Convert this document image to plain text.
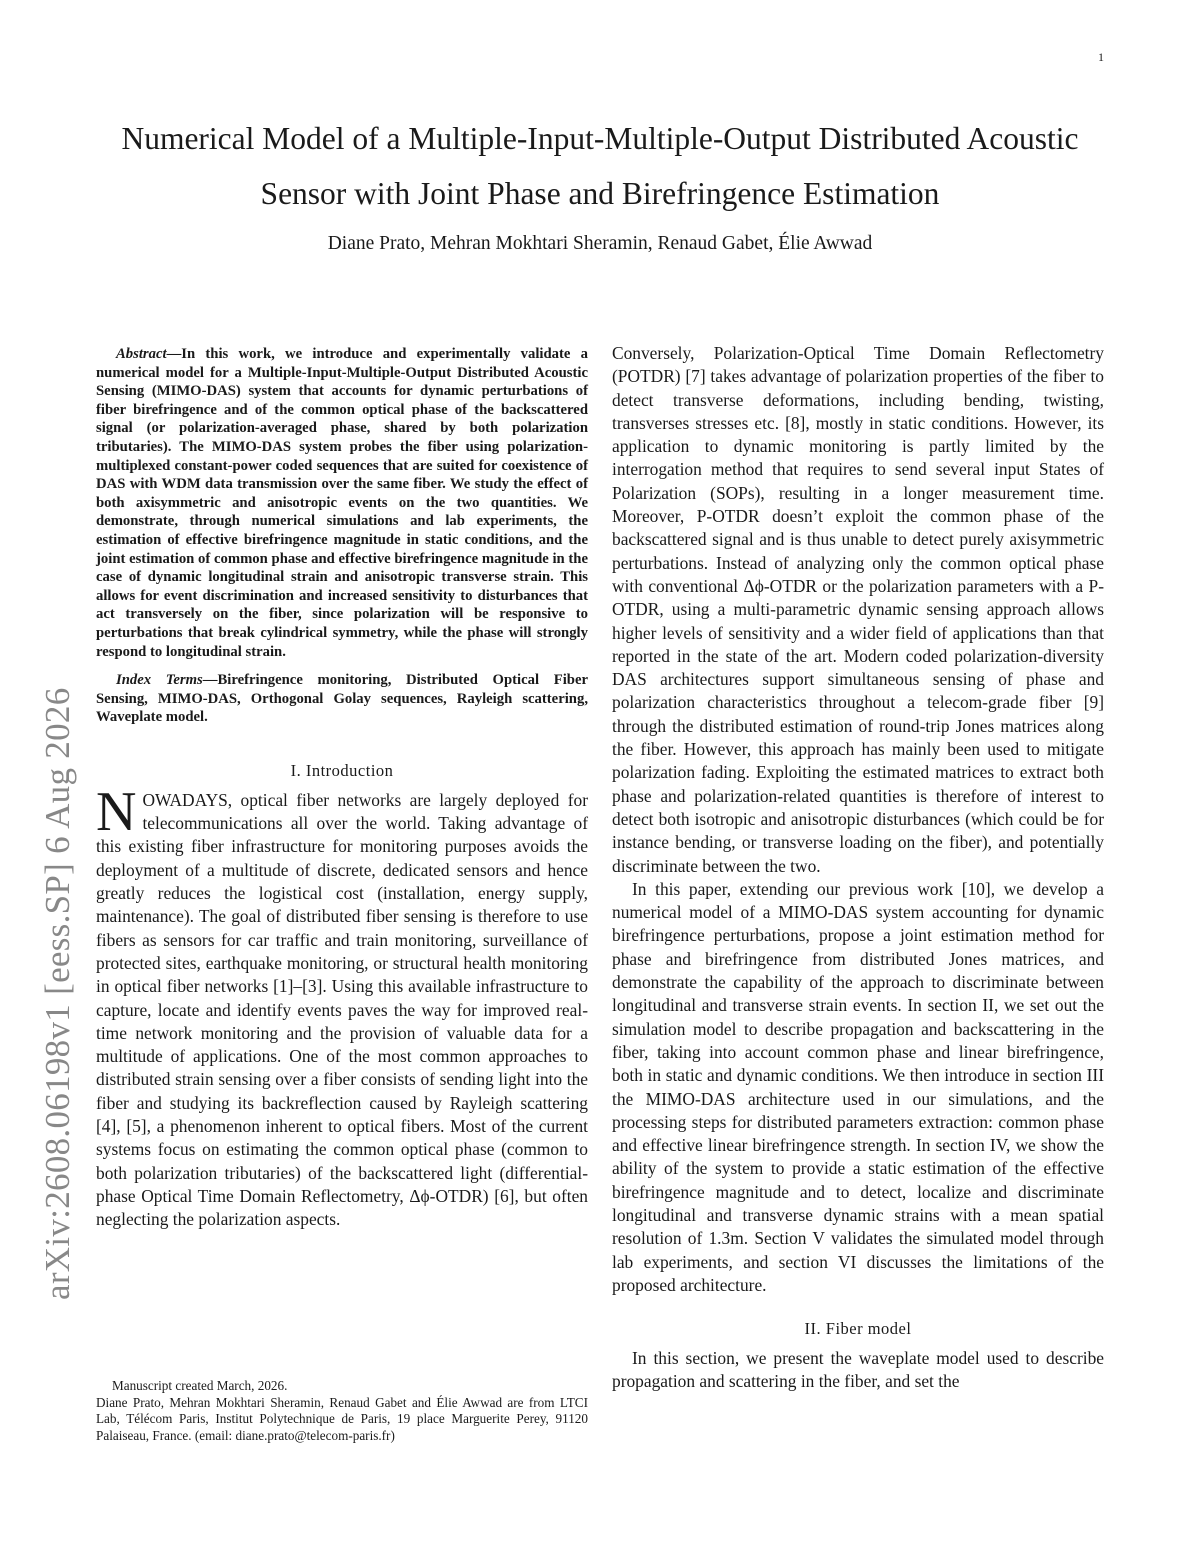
1
arXiv:2608.06198v1 [eess.SP] 6 Aug 2026
Numerical Model of a Multiple-Input-Multiple-Output Distributed Acoustic Sensor with Joint Phase and Birefringence Estimation
Diane Prato, Mehran Mokhtari Sheramin, Renaud Gabet, Élie Awwad

Abstract—In this work, we introduce and experimentally validate a numerical model for a Multiple-Input-Multiple-Output Distributed Acoustic Sensing (MIMO-DAS) system that accounts for dynamic perturbations of fiber birefringence and of the common optical phase of the backscattered signal (or polarization-averaged phase, shared by both polarization tributaries). The MIMO-DAS system probes the fiber using polarization-multiplexed constant-power coded sequences that are suited for coexistence of DAS with WDM data transmission over the same fiber. We study the effect of both axisymmetric and anisotropic events on the two quantities. We demonstrate, through numerical simulations and lab experiments, the estimation of effective birefringence magnitude in static conditions, and the joint estimation of common phase and effective birefringence magnitude in the case of dynamic longitudinal strain and anisotropic transverse strain. This allows for event discrimination and increased sensitivity to disturbances that act transversely on the fiber, since polarization will be responsive to perturbations that break cylindrical symmetry, while the phase will strongly respond to longitudinal strain.

Index Terms—Birefringence monitoring, Distributed Optical Fiber Sensing, MIMO-DAS, Orthogonal Golay sequences, Rayleigh scattering, Waveplate model.

I. Introduction

NOWADAYS, optical fiber networks are largely deployed for telecommunications all over the world. Taking advantage of this existing fiber infrastructure for monitoring purposes avoids the deployment of a multitude of discrete, dedicated sensors and hence greatly reduces the logistical cost (installation, energy supply, maintenance). The goal of distributed fiber sensing is therefore to use fibers as sensors for car traffic and train monitoring, surveillance of protected sites, earthquake monitoring, or structural health monitoring in optical fiber networks [1]–[3]. Using this available infrastructure to capture, locate and identify events paves the way for improved real-time network monitoring and the provision of valuable data for a multitude of applications. One of the most common approaches to distributed strain sensing over a fiber consists of sending light into the fiber and studying its backreflection caused by Rayleigh scattering [4], [5], a phenomenon inherent to optical fibers. Most of the current systems focus on estimating the common optical phase (common to both polarization tributaries) of the backscattered light (differential-phase Optical Time Domain Reflectometry, Δϕ-OTDR) [6], but often neglecting the polarization aspects.

Conversely, Polarization-Optical Time Domain Reflectometry (POTDR) [7] takes advantage of polarization properties of the fiber to detect transverse deformations, including bending, twisting, transverses stresses etc. [8], mostly in static conditions. However, its application to dynamic monitoring is partly limited by the interrogation method that requires to send several input States of Polarization (SOPs), resulting in a longer measurement time. Moreover, P-OTDR doesn’t exploit the common phase of the backscattered signal and is thus unable to detect purely axisymmetric perturbations. Instead of analyzing only the common optical phase with conventional Δϕ-OTDR or the polarization parameters with a P-OTDR, using a multi-parametric dynamic sensing approach allows higher levels of sensitivity and a wider field of applications than that reported in the state of the art. Modern coded polarization-diversity DAS architectures support simultaneous sensing of phase and polarization characteristics throughout a telecom-grade fiber [9] through the distributed estimation of round-trip Jones matrices along the fiber. However, this approach has mainly been used to mitigate polarization fading. Exploiting the estimated matrices to extract both phase and polarization-related quantities is therefore of interest to detect both isotropic and anisotropic disturbances (which could be for instance bending, or transverse loading on the fiber), and potentially discriminate between the two.

In this paper, extending our previous work [10], we develop a numerical model of a MIMO-DAS system accounting for dynamic birefringence perturbations, propose a joint estimation method for phase and birefringence from distributed Jones matrices, and demonstrate the capability of the approach to discriminate between longitudinal and transverse strain events. In section II, we set out the simulation model to describe propagation and backscattering in the fiber, taking into account common phase and linear birefringence, both in static and dynamic conditions. We then introduce in section III the MIMO-DAS architecture used in our simulations, and the processing steps for distributed parameters extraction: common phase and effective linear birefringence strength. In section IV, we show the ability of the system to provide a static estimation of the effective birefringence magnitude and to detect, localize and discriminate longitudinal and transverse dynamic strains with a mean spatial resolution of 1.3m. Section V validates the simulated model through lab experiments, and section VI discusses the limitations of the proposed architecture.

II. Fiber model

In this section, we present the waveplate model used to describe propagation and scattering in the fiber, and set the

Manuscript created March, 2026.

Diane Prato, Mehran Mokhtari Sheramin, Renaud Gabet and Élie Awwad are from LTCI Lab, Télécom Paris, Institut Polytechnique de Paris, 19 place Marguerite Perey, 91120 Palaiseau, France. (email: diane.prato@telecom-paris.fr)
